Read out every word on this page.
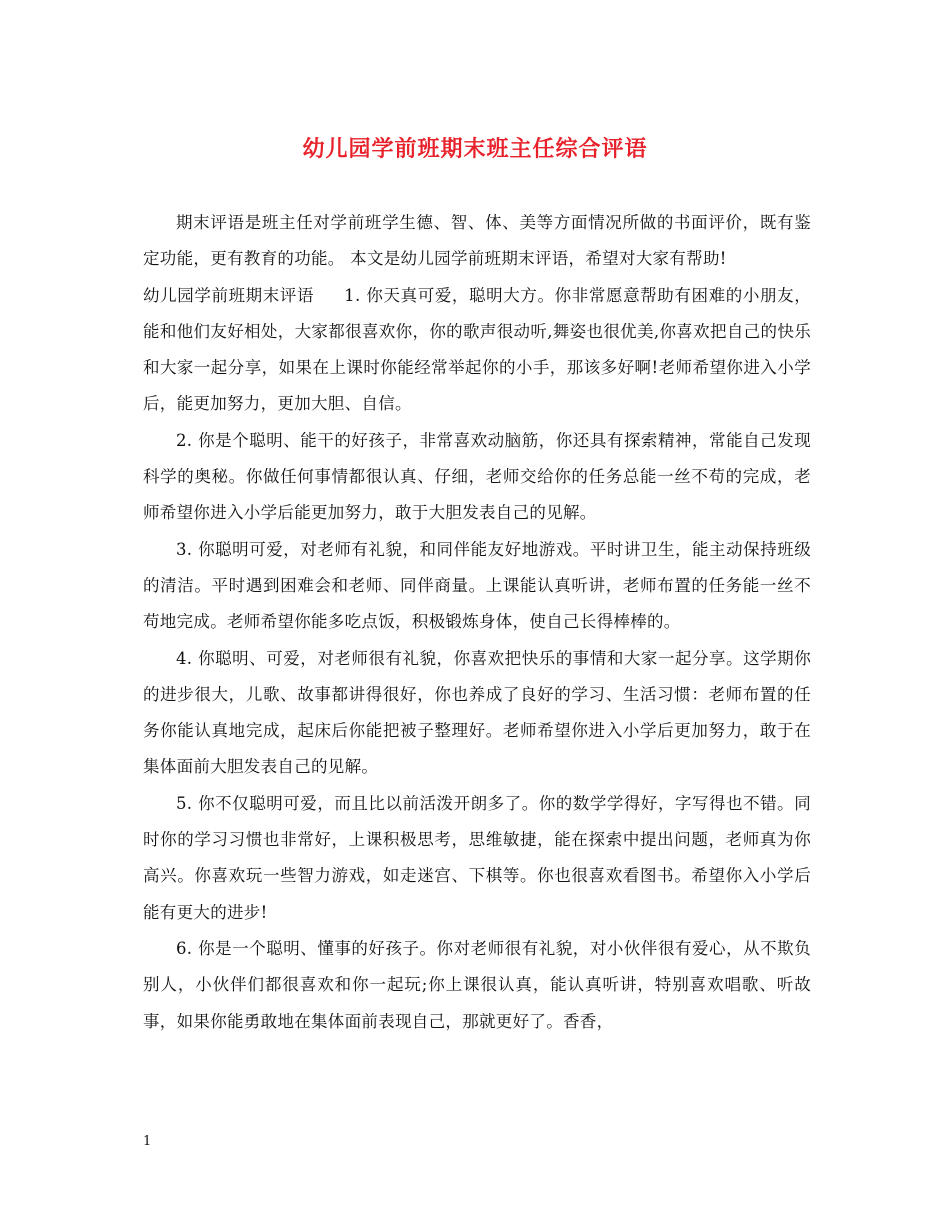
幼儿园学前班期末班主任综合评语

期末评语是班主任对学前班学生德、智、体、美等方面情况所做的书面评价，既有鉴定功能，更有教育的功能。 本文是幼儿园学前班期末评语，希望对大家有帮助!

幼儿园学前班期末评语 1. 你天真可爱，聪明大方。你非常愿意帮助有困难的小朋友，能和他们友好相处，大家都很喜欢你，你的歌声很动听,舞姿也很优美,你喜欢把自己的快乐和大家一起分享，如果在上课时你能经常举起你的小手，那该多好啊!老师希望你进入小学后，能更加努力，更加大胆、自信。

2. 你是个聪明、能干的好孩子，非常喜欢动脑筋，你还具有探索精神，常能自己发现科学的奥秘。你做任何事情都很认真、仔细，老师交给你的任务总能一丝不苟的完成，老师希望你进入小学后能更加努力，敢于大胆发表自己的见解。

3. 你聪明可爱，对老师有礼貌，和同伴能友好地游戏。平时讲卫生，能主动保持班级的清洁。平时遇到困难会和老师、同伴商量。上课能认真听讲，老师布置的任务能一丝不苟地完成。老师希望你能多吃点饭，积极锻炼身体，使自己长得棒棒的。

4. 你聪明、可爱，对老师很有礼貌，你喜欢把快乐的事情和大家一起分享。这学期你的进步很大，儿歌、故事都讲得很好，你也养成了良好的学习、生活习惯：老师布置的任务你能认真地完成，起床后你能把被子整理好。老师希望你进入小学后更加努力，敢于在集体面前大胆发表自己的见解。

5. 你不仅聪明可爱，而且比以前活泼开朗多了。你的数学学得好，字写得也不错。同时你的学习习惯也非常好，上课积极思考，思维敏捷，能在探索中提出问题，老师真为你高兴。你喜欢玩一些智力游戏，如走迷宫、下棋等。你也很喜欢看图书。希望你入小学后能有更大的进步!

6. 你是一个聪明、懂事的好孩子。你对老师很有礼貌，对小伙伴很有爱心，从不欺负别人，小伙伴们都很喜欢和你一起玩;你上课很认真，能认真听讲，特别喜欢唱歌、听故事，如果你能勇敢地在集体面前表现自己，那就更好了。香香，

1
